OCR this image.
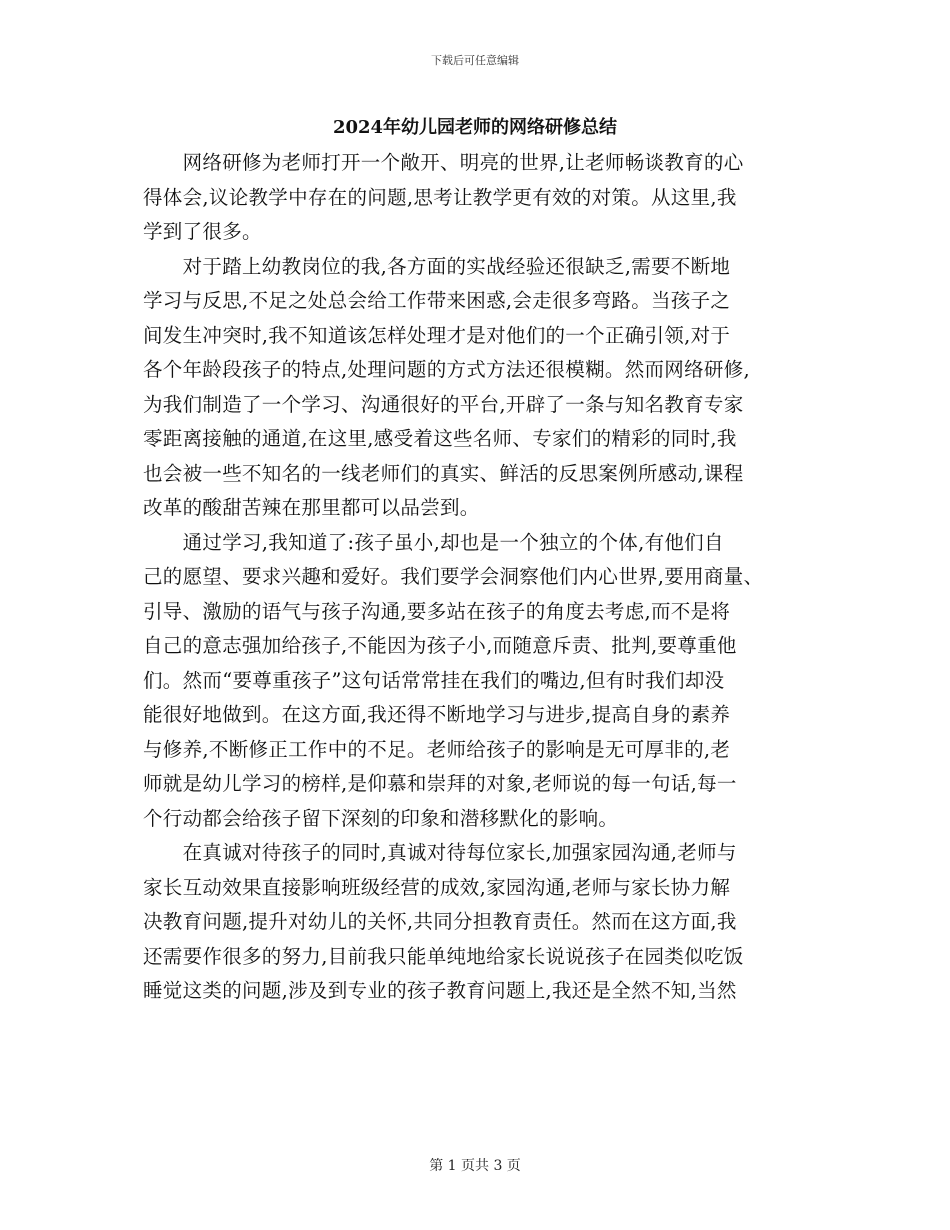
下载后可任意编辑
2024年幼儿园老师的网络研修总结

　　网络研修为老师打开一个敞开、明亮的世界,让老师畅谈教育的心
得体会,议论教学中存在的问题,思考让教学更有效的对策。从这里,我
学到了很多。

　　对于踏上幼教岗位的我,各方面的实战经验还很缺乏,需要不断地
学习与反思,不足之处总会给工作带来困惑,会走很多弯路。当孩子之
间发生冲突时,我不知道该怎样处理才是对他们的一个正确引领,对于
各个年龄段孩子的特点,处理问题的方式方法还很模糊。然而网络研修,
为我们制造了一个学习、沟通很好的平台,开辟了一条与知名教育专家
零距离接触的通道,在这里,感受着这些名师、专家们的精彩的同时,我
也会被一些不知名的一线老师们的真实、鲜活的反思案例所感动,课程
改革的酸甜苦辣在那里都可以品尝到。

　　通过学习,我知道了:孩子虽小,却也是一个独立的个体,有他们自
己的愿望、要求兴趣和爱好。我们要学会洞察他们内心世界,要用商量、
引导、激励的语气与孩子沟通,要多站在孩子的角度去考虑,而不是将
自己的意志强加给孩子,不能因为孩子小,而随意斥责、批判,要尊重他
们。然而“要尊重孩子”这句话常常挂在我们的嘴边,但有时我们却没
能很好地做到。在这方面,我还得不断地学习与进步,提高自身的素养
与修养,不断修正工作中的不足。老师给孩子的影响是无可厚非的,老
师就是幼儿学习的榜样,是仰慕和崇拜的对象,老师说的每一句话,每一
个行动都会给孩子留下深刻的印象和潜移默化的影响。

　　在真诚对待孩子的同时,真诚对待每位家长,加强家园沟通,老师与
家长互动效果直接影响班级经营的成效,家园沟通,老师与家长协力解
决教育问题,提升对幼儿的关怀,共同分担教育责任。然而在这方面,我
还需要作很多的努力,目前我只能单纯地给家长说说孩子在园类似吃饭
睡觉这类的问题,涉及到专业的孩子教育问题上,我还是全然不知,当然

第 1 页共 3 页
